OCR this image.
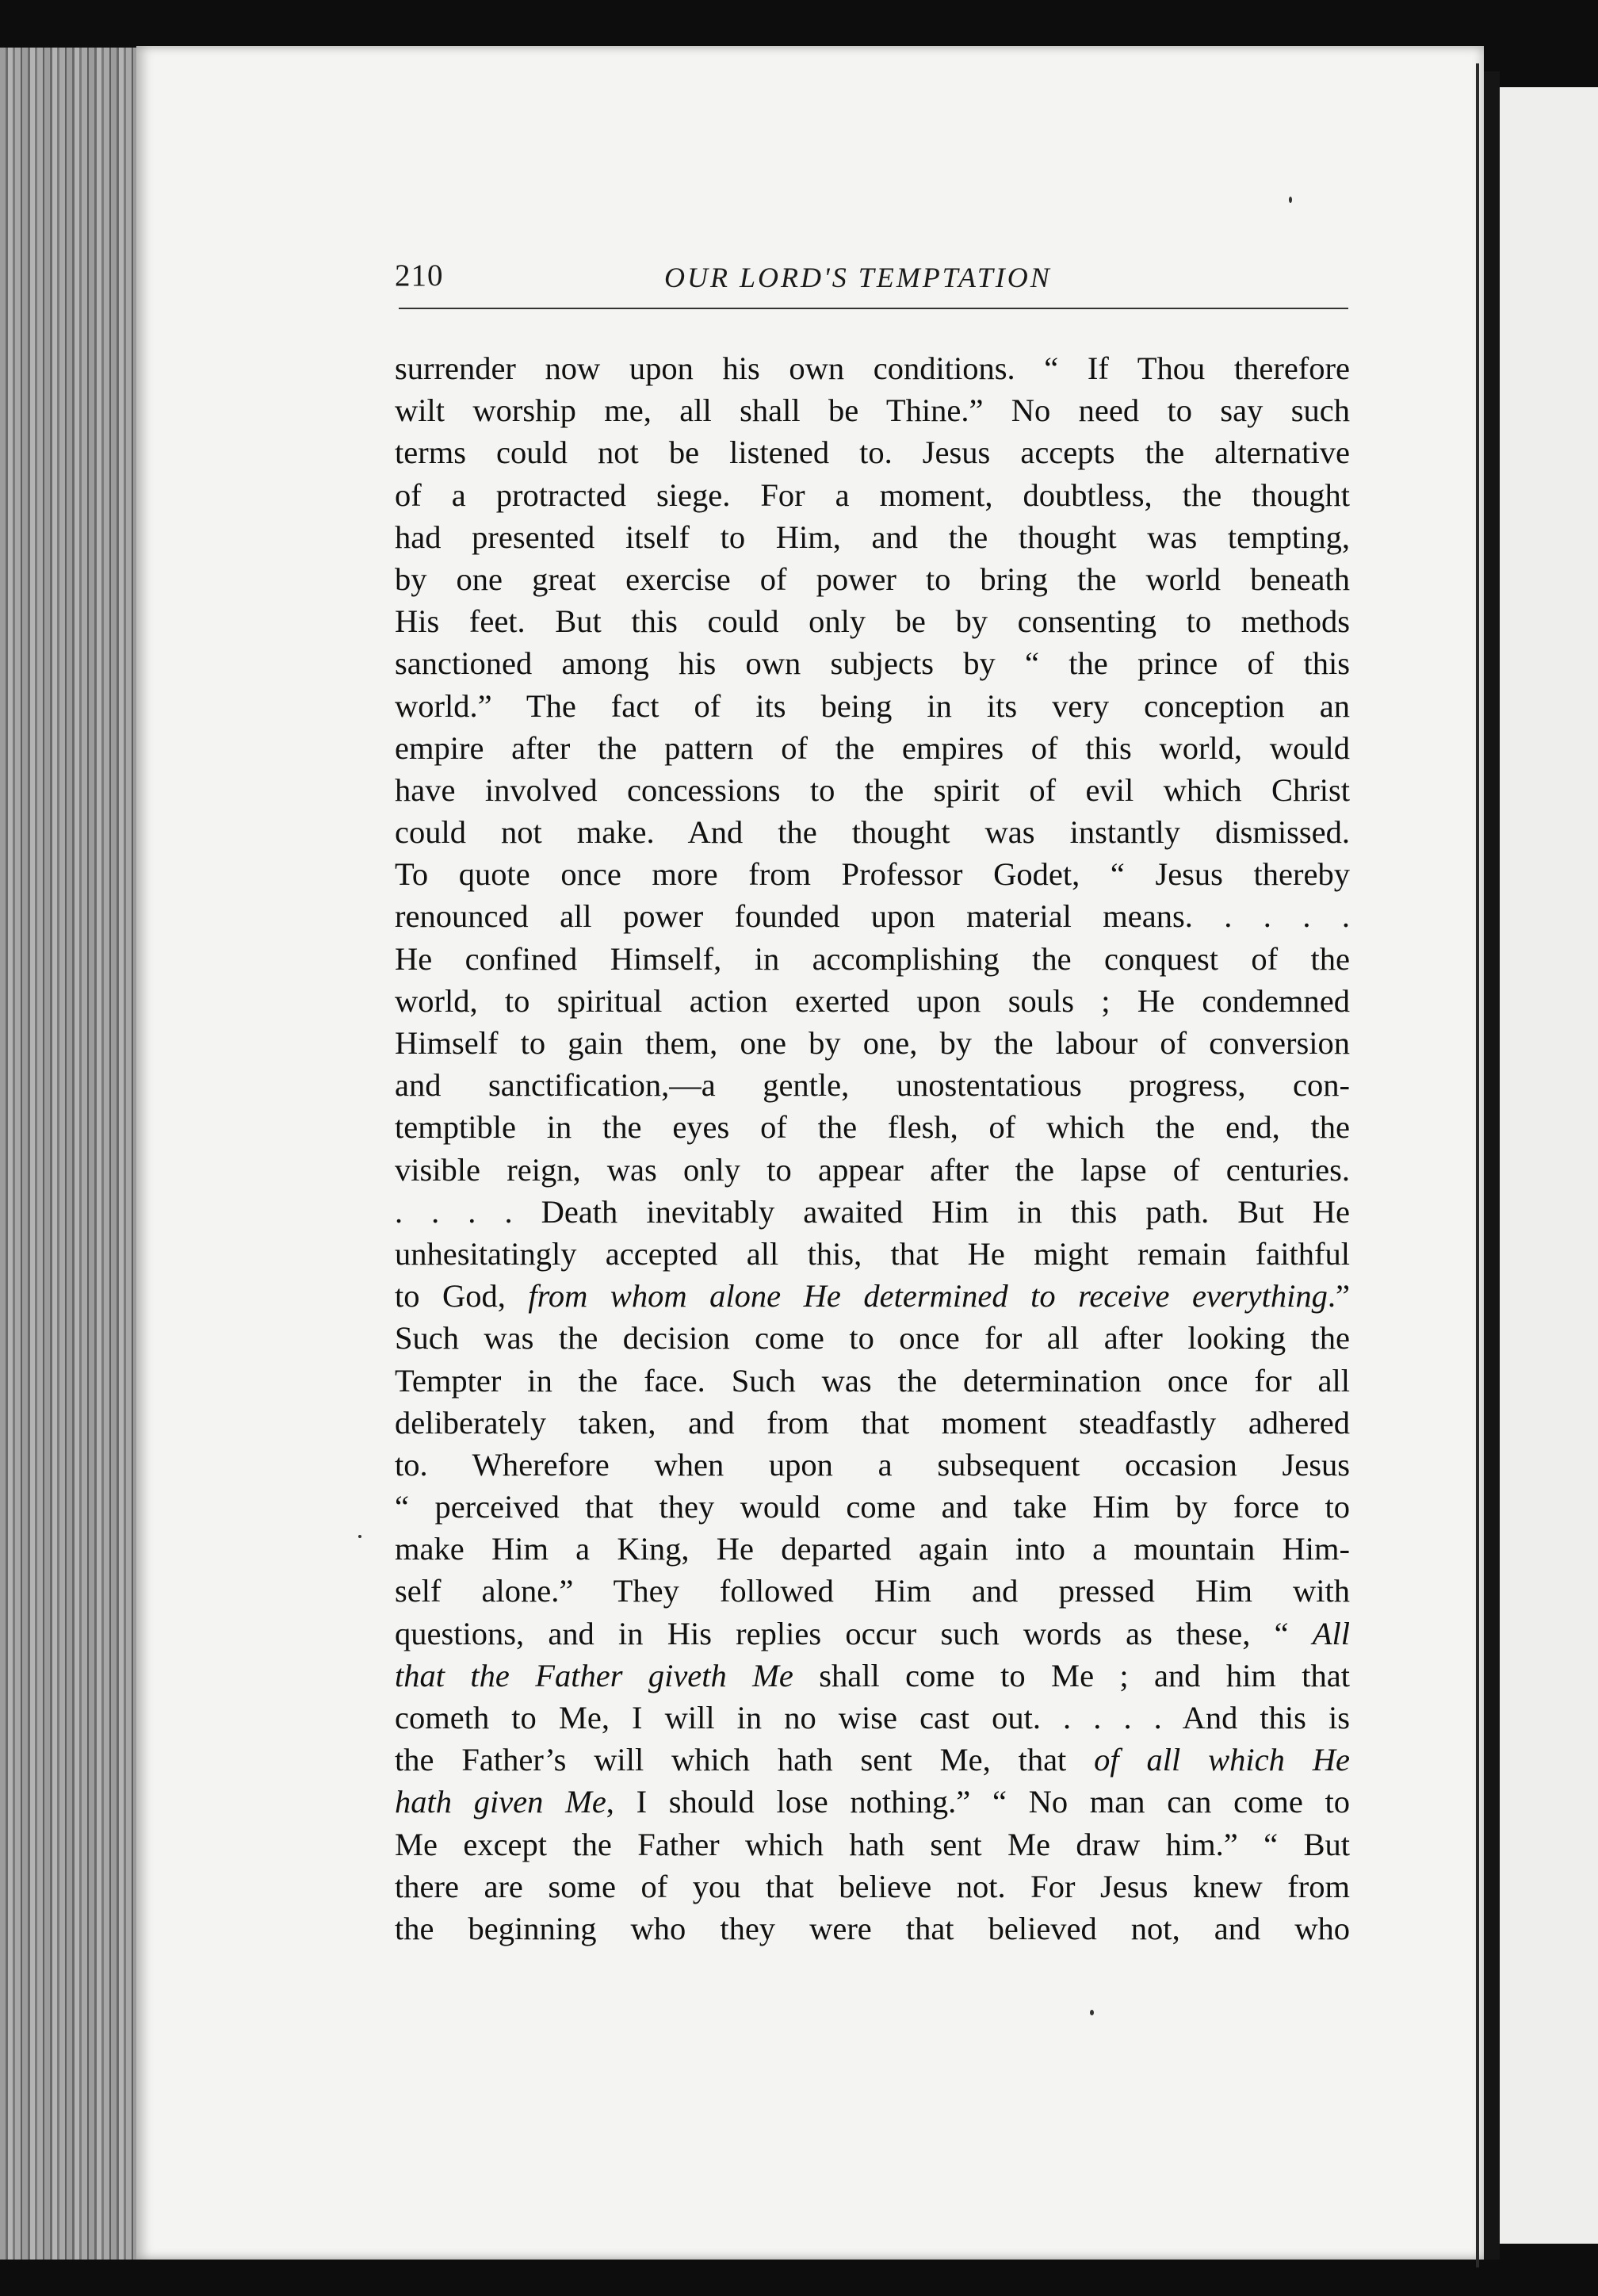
210	OUR LORD'S TEMPTATION
surrender now upon his own conditions. “ If Thou therefore
wilt worship me, all shall be Thine.” No need to say such
terms could not be listened to. Jesus accepts the alternative
of a protracted siege. For a moment, doubtless, the thought
had presented itself to Him, and the thought was tempting,
by one great exercise of power to bring the world beneath
His feet. But this could only be by consenting to methods
sanctioned among his own subjects by “ the prince of this
world.” The fact of its being in its very conception an
empire after the pattern of the empires of this world, would
have involved concessions to the spirit of evil which Christ
could not make. And the thought was instantly dismissed.
To quote once more from Professor Godet, “ Jesus thereby
renounced all power founded upon material means. . . . .
He confined Himself, in accomplishing the conquest of the
world, to spiritual action exerted upon souls ; He condemned
Himself to gain them, one by one, by the labour of conversion
and sanctification,—a gentle, unostentatious progress, con-
temptible in the eyes of the flesh, of which the end, the
visible reign, was only to appear after the lapse of centuries.
. . . . Death inevitably awaited Him in this path. But He
unhesitatingly accepted all this, that He might remain faithful
to God, from whom alone He determined to receive everything.”
Such was the decision come to once for all after looking the
Tempter in the face. Such was the determination once for all
deliberately taken, and from that moment steadfastly adhered
to. Wherefore when upon a subsequent occasion Jesus
“ perceived that they would come and take Him by force to
make Him a King, He departed again into a mountain Him-
self alone.” They followed Him and pressed Him with
questions, and in His replies occur such words as these, “ All
that the Father giveth Me shall come to Me ; and him that
cometh to Me, I will in no wise cast out. . . . . And this is
the Father’s will which hath sent Me, that of all which He
hath given Me, I should lose nothing.” “ No man can come to
Me except the Father which hath sent Me draw him.” “ But
there are some of you that believe not. For Jesus knew from
the beginning who they were that believed not, and who
